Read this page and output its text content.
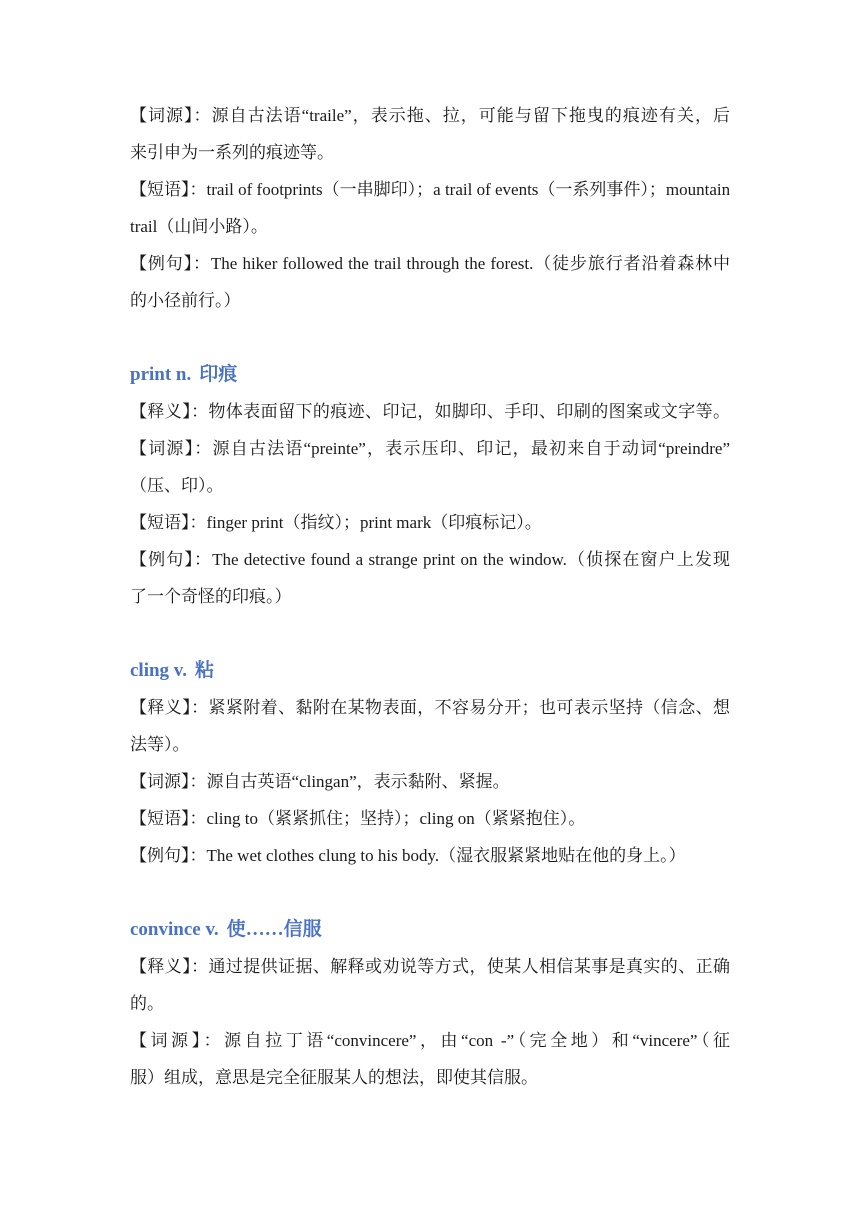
【词源】：源自古法语“traile”，表示拖、拉，可能与留下拖曳的痕迹有关，后

来引申为一系列的痕迹等。

【短语】：trail of footprints（一串脚印）；a trail of events（一系列事件）；mountain

trail（山间小路）。

【例句】：The hiker followed the trail through the forest.（徒步旅行者沿着森林中

的小径前行。）

print n. 印痕

【释义】：物体表面留下的痕迹、印记，如脚印、手印、印刷的图案或文字等。

【词源】：源自古法语“preinte”，表示压印、印记，最初来自于动词“preindre”

（压、印）。

【短语】：finger print（指纹）；print mark（印痕标记）。

【例句】：The detective found a strange print on the window.（侦探在窗户上发现

了一个奇怪的印痕。）

cling v. 粘

【释义】：紧紧附着、黏附在某物表面，不容易分开；也可表示坚持（信念、想

法等）。

【词源】：源自古英语“clingan”，表示黏附、紧握。

【短语】：cling to（紧紧抓住；坚持）；cling on（紧紧抱住）。

【例句】：The wet clothes clung to his body.（湿衣服紧紧地贴在他的身上。）

convince v. 使……信服

【释义】：通过提供证据、解释或劝说等方式，使某人相信某事是真实的、正确

的。

【词源】：源自拉丁语“convincere”，由“con -”（完全地）和“vincere”（征

服）组成，意思是完全征服某人的想法，即使其信服。
